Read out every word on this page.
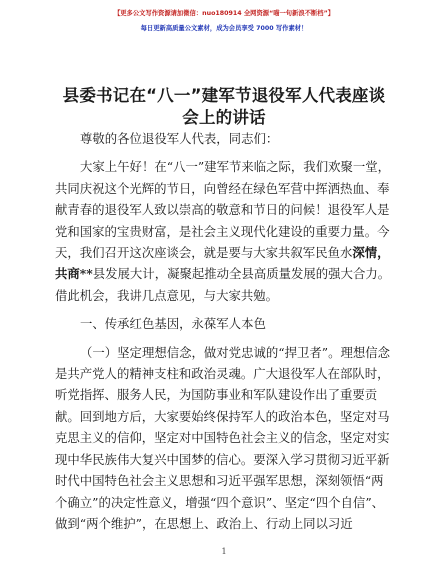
【更多公文写作资源请加微信：nuo180914 全网资源“喵一句新浪不断档”】
每日更新高质量公文素材，成为会员享受 7000 写作素材！
县委书记在“八一”建军节退役军人代表座谈
会上的讲话

尊敬的各位退役军人代表，同志们：

大家上午好！在“八一”建军节来临之际，我们欢聚一堂，共同庆祝这个光辉的节日，向曾经在绿色军营中挥洒热血、奉献青春的退役军人致以崇高的敬意和节日的问候！退役军人是党和国家的宝贵财富，是社会主义现代化建设的重要力量。今天，我们召开这次座谈会，就是要与大家共叙军民鱼水深情，共商**县发展大计，凝聚起推动全县高质量发展的强大合力。借此机会，我讲几点意见，与大家共勉。

一、传承红色基因，永葆军人本色

（一）坚定理想信念，做对党忠诚的“捍卫者”。理想信念是共产党人的精神支柱和政治灵魂。广大退役军人在部队时，听党指挥、服务人民，为国防事业和军队建设作出了重要贡献。回到地方后，大家要始终保持军人的政治本色，坚定对马克思主义的信仰，坚定对中国特色社会主义的信念，坚定对实现中华民族伟大复兴中国梦的信心。要深入学习贯彻习近平新时代中国特色社会主义思想和习近平强军思想，深刻领悟“两个确立”的决定性意义，增强“四个意识”、坚定“四个自信”、做到“两个维护”，在思想上、政治上、行动上同以习近

1
